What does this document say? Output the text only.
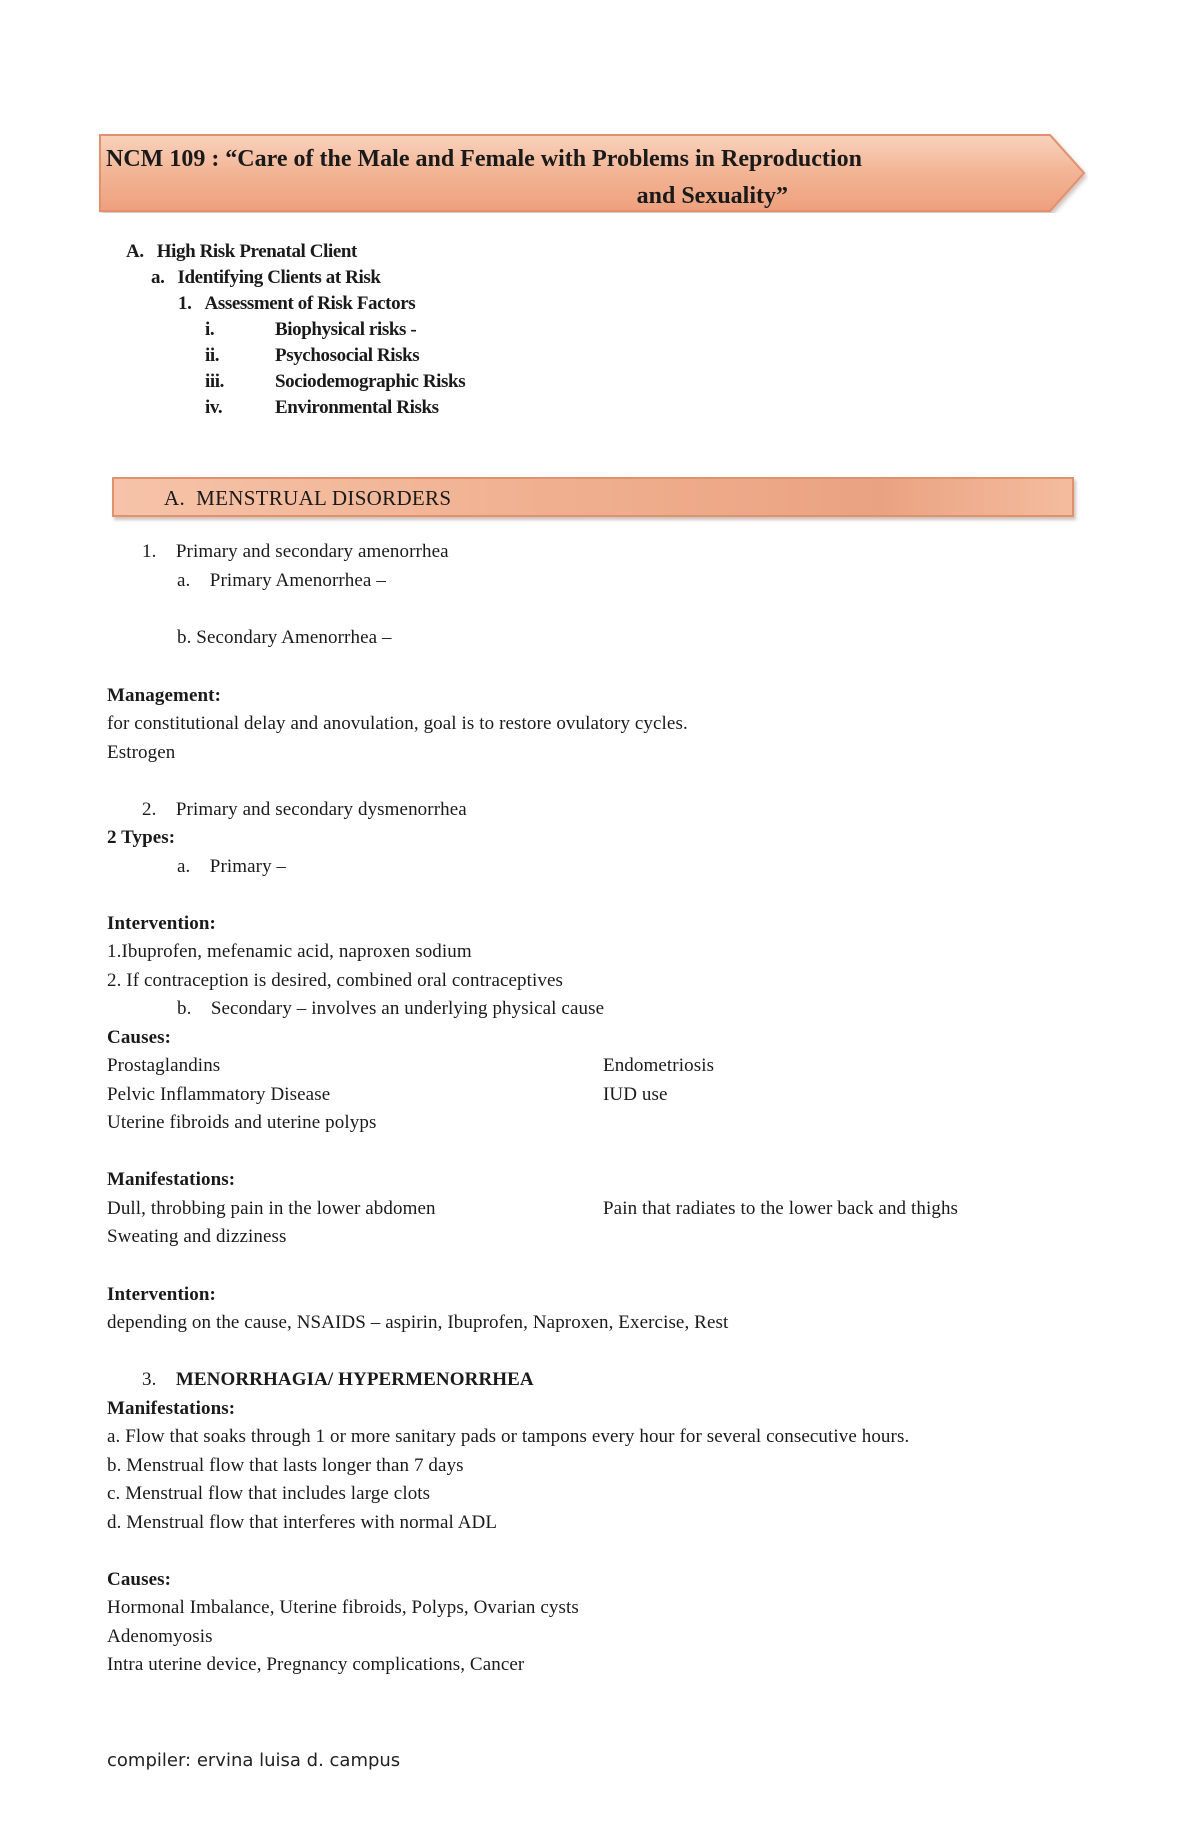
NCM 109 : “Care of the Male and Female with Problems in Reproduction
and Sexuality”
A. High Risk Prenatal Client
a. Identifying Clients at Risk
1. Assessment of Risk Factors
i.	Biophysical risks -
ii.	Psychosocial Risks
iii.	Sociodemographic Risks
iv.	Environmental Risks
A. MENSTRUAL DISORDERS
1. Primary and secondary amenorrhea
a. Primary Amenorrhea –
b. Secondary Amenorrhea –
Management:
for constitutional delay and anovulation, goal is to restore ovulatory cycles.
Estrogen
2. Primary and secondary dysmenorrhea
2 Types:
a. Primary –
Intervention:
1.Ibuprofen, mefenamic acid, naproxen sodium
2. If contraception is desired, combined oral contraceptives
b. Secondary – involves an underlying physical cause
Causes:
Prostaglandins	Endometriosis
Pelvic Inflammatory Disease	IUD use
Uterine fibroids and uterine polyps
Manifestations:
Dull, throbbing pain in the lower abdomen	Pain that radiates to the lower back and thighs
Sweating and dizziness
Intervention:
depending on the cause, NSAIDS – aspirin, Ibuprofen, Naproxen, Exercise, Rest
3. MENORRHAGIA/ HYPERMENORRHEA
Manifestations:
a. Flow that soaks through 1 or more sanitary pads or tampons every hour for several consecutive hours.
b. Menstrual flow that lasts longer than 7 days
c. Menstrual flow that includes large clots
d. Menstrual flow that interferes with normal ADL
Causes:
Hormonal Imbalance, Uterine fibroids, Polyps, Ovarian cysts
Adenomyosis
Intra uterine device, Pregnancy complications, Cancer
compiler: ervina luisa d. campus
